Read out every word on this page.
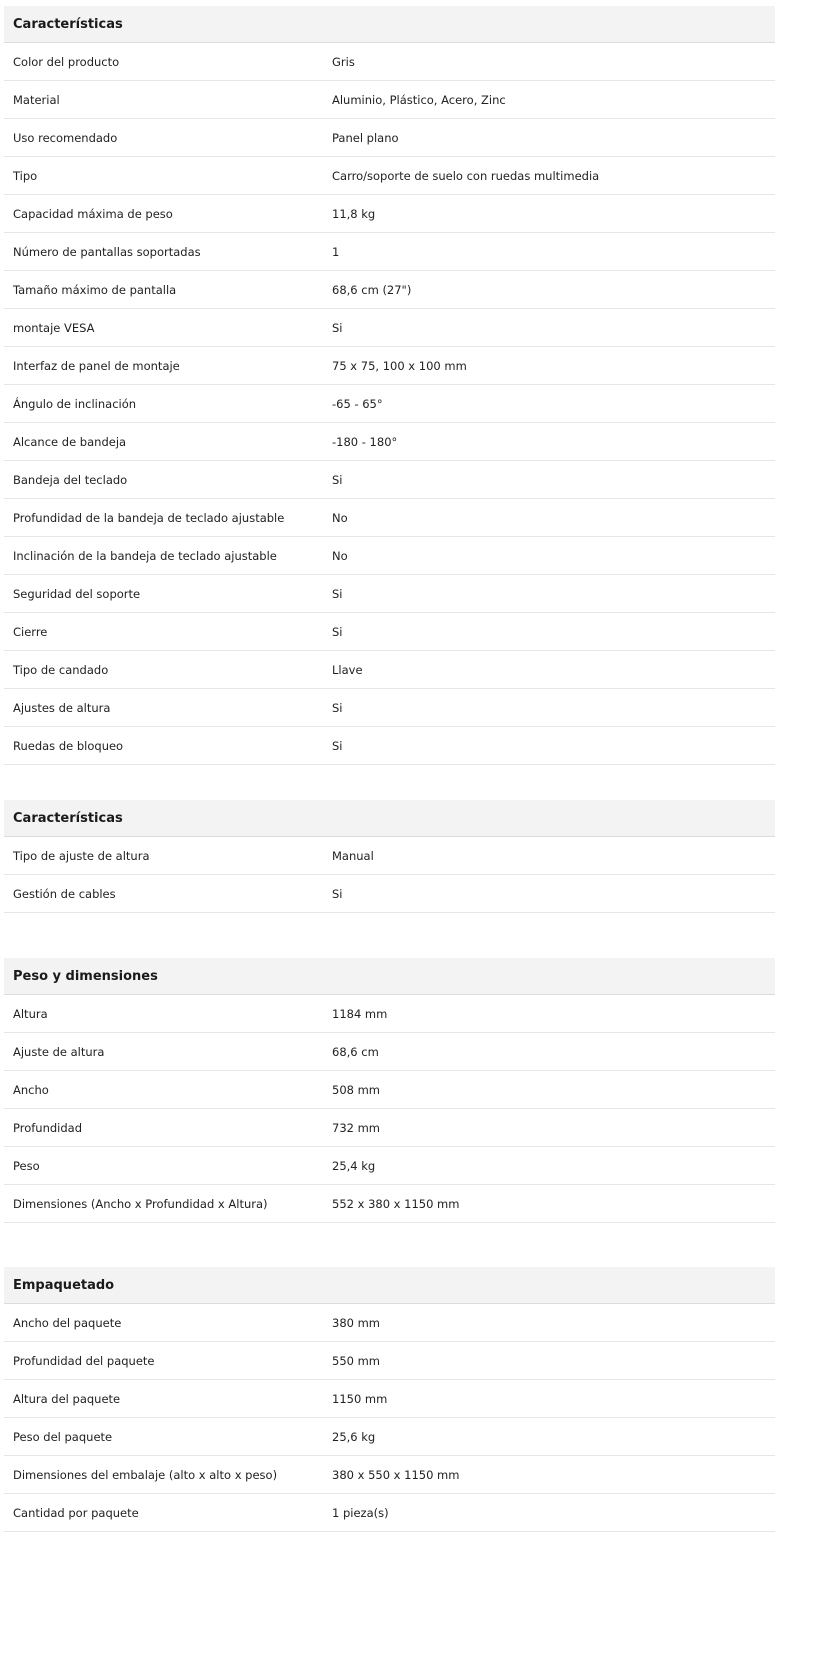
Características
Color del producto	Gris
Material	Aluminio, Plástico, Acero, Zinc
Uso recomendado	Panel plano
Tipo	Carro/soporte de suelo con ruedas multimedia
Capacidad máxima de peso	11,8 kg
Número de pantallas soportadas	1
Tamaño máximo de pantalla	68,6 cm (27")
montaje VESA	Si
Interfaz de panel de montaje	75 x 75, 100 x 100 mm
Ángulo de inclinación	-65 - 65°
Alcance de bandeja	-180 - 180°
Bandeja del teclado	Si
Profundidad de la bandeja de teclado ajustable	No
Inclinación de la bandeja de teclado ajustable	No
Seguridad del soporte	Si
Cierre	Si
Tipo de candado	Llave
Ajustes de altura	Si
Ruedas de bloqueo	Si
Características
Tipo de ajuste de altura	Manual
Gestión de cables	Si
Peso y dimensiones
Altura	1184 mm
Ajuste de altura	68,6 cm
Ancho	508 mm
Profundidad	732 mm
Peso	25,4 kg
Dimensiones (Ancho x Profundidad x Altura)	552 x 380 x 1150 mm
Empaquetado
Ancho del paquete	380 mm
Profundidad del paquete	550 mm
Altura del paquete	1150 mm
Peso del paquete	25,6 kg
Dimensiones del embalaje (alto x alto x peso)	380 x 550 x 1150 mm
Cantidad por paquete	1 pieza(s)
